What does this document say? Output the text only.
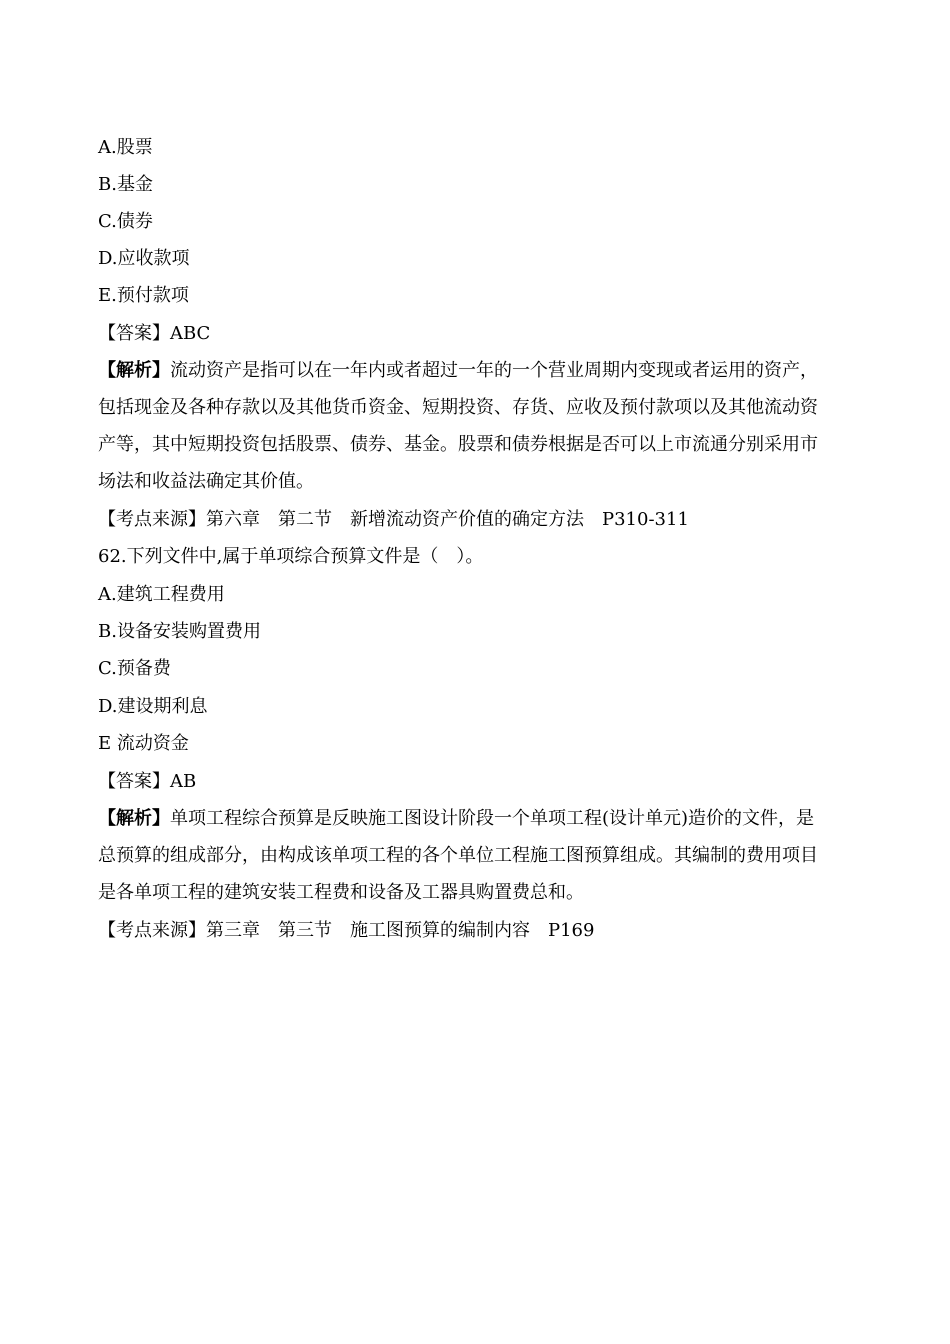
A.股票
B.基金
C.债券
D.应收款项
E.预付款项
【答案】ABC
【解析】流动资产是指可以在一年内或者超过一年的一个营业周期内变现或者运用的资产，
包括现金及各种存款以及其他货币资金、短期投资、存货、应收及预付款项以及其他流动资
产等，其中短期投资包括股票、债券、基金。股票和债券根据是否可以上市流通分别采用市
场法和收益法确定其价值。
【考点来源】第六章　第二节　新增流动资产价值的确定方法　P310-311
62.下列文件中,属于单项综合预算文件是（　）。
A.建筑工程费用
B.设备安装购置费用
C.预备费
D.建设期利息
E 流动资金
【答案】AB
【解析】单项工程综合预算是反映施工图设计阶段一个单项工程(设计单元)造价的文件，是
总预算的组成部分，由构成该单项工程的各个单位工程施工图预算组成。其编制的费用项目
是各单项工程的建筑安装工程费和设备及工器具购置费总和。
【考点来源】第三章　第三节　施工图预算的编制内容　P169
